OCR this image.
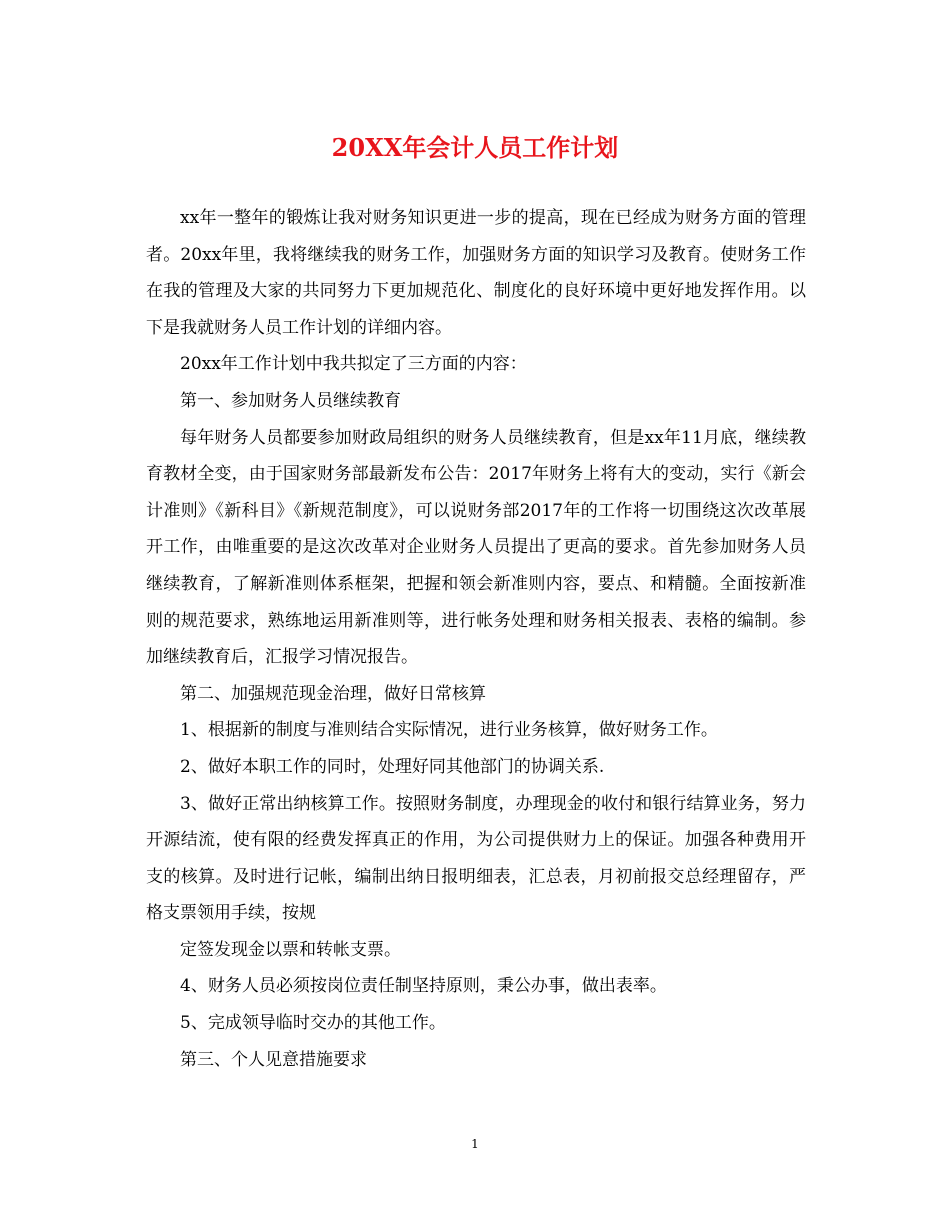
20XX年会计人员工作计划

xx年一整年的锻炼让我对财务知识更进一步的提高，现在已经成为财务方面的管理者。20xx年里，我将继续我的财务工作，加强财务方面的知识学习及教育。使财务工作在我的管理及大家的共同努力下更加规范化、制度化的良好环境中更好地发挥作用。以下是我就财务人员工作计划的详细内容。

20xx年工作计划中我共拟定了三方面的内容：

第一、参加财务人员继续教育

每年财务人员都要参加财政局组织的财务人员继续教育，但是xx年11月底，继续教育教材全变，由于国家财务部最新发布公告：2017年财务上将有大的变动，实行《新会计准则》《新科目》《新规范制度》，可以说财务部2017年的工作将一切围绕这次改革展开工作，由唯重要的是这次改革对企业财务人员提出了更高的要求。首先参加财务人员继续教育，了解新准则体系框架，把握和领会新准则内容，要点、和精髓。全面按新准则的规范要求，熟练地运用新准则等，进行帐务处理和财务相关报表、表格的编制。参加继续教育后，汇报学习情况报告。

第二、加强规范现金治理，做好日常核算

1、根据新的制度与准则结合实际情况，进行业务核算，做好财务工作。

2、做好本职工作的同时，处理好同其他部门的协调关系.

3、做好正常出纳核算工作。按照财务制度，办理现金的收付和银行结算业务，努力开源结流，使有限的经费发挥真正的作用，为公司提供财力上的保证。加强各种费用开支的核算。及时进行记帐，编制出纳日报明细表，汇总表，月初前报交总经理留存，严格支票领用手续，按规

定签发现金以票和转帐支票。

4、财务人员必须按岗位责任制坚持原则，秉公办事，做出表率。

5、完成领导临时交办的其他工作。

第三、个人见意措施要求

1
